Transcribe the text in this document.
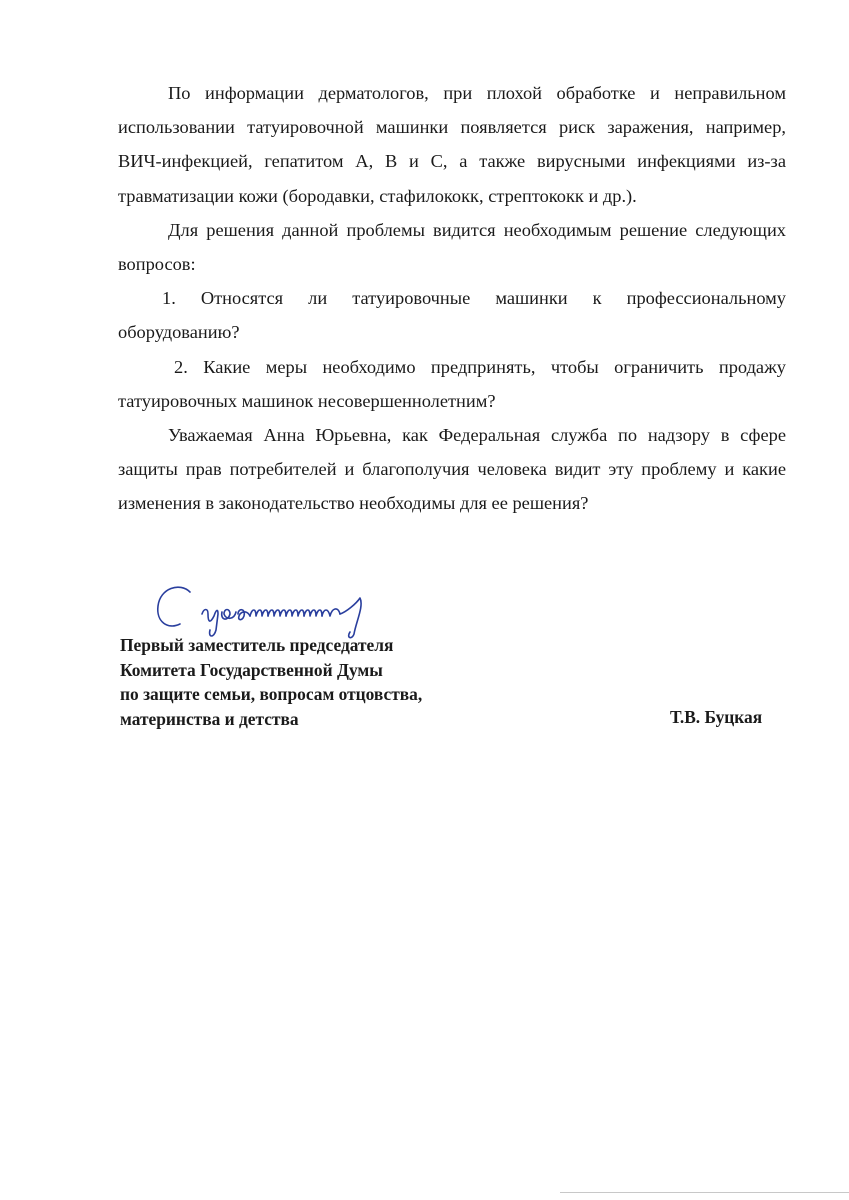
По информации дерматологов, при плохой обработке и неправильном использовании татуировочной машинки появляется риск заражения, например, ВИЧ-инфекцией, гепатитом А, В и С, а также вирусными инфекциями из-за травматизации кожи (бородавки, стафилококк, стрептококк и др.).

Для решения данной проблемы видится необходимым решение следующих вопросов:

1. Относятся ли татуировочные машинки к профессиональному оборудованию?

2. Какие меры необходимо предпринять, чтобы ограничить продажу татуировочных машинок несовершеннолетним?

Уважаемая Анна Юрьевна, как Федеральная служба по надзору в сфере защиты прав потребителей и благополучия человека видит эту проблему и какие изменения в законодательство необходимы для ее решения?

Первый заместитель председателя
Комитета Государственной Думы
по защите семьи, вопросам отцовства,
материнства и детства	Т.В. Буцкая
